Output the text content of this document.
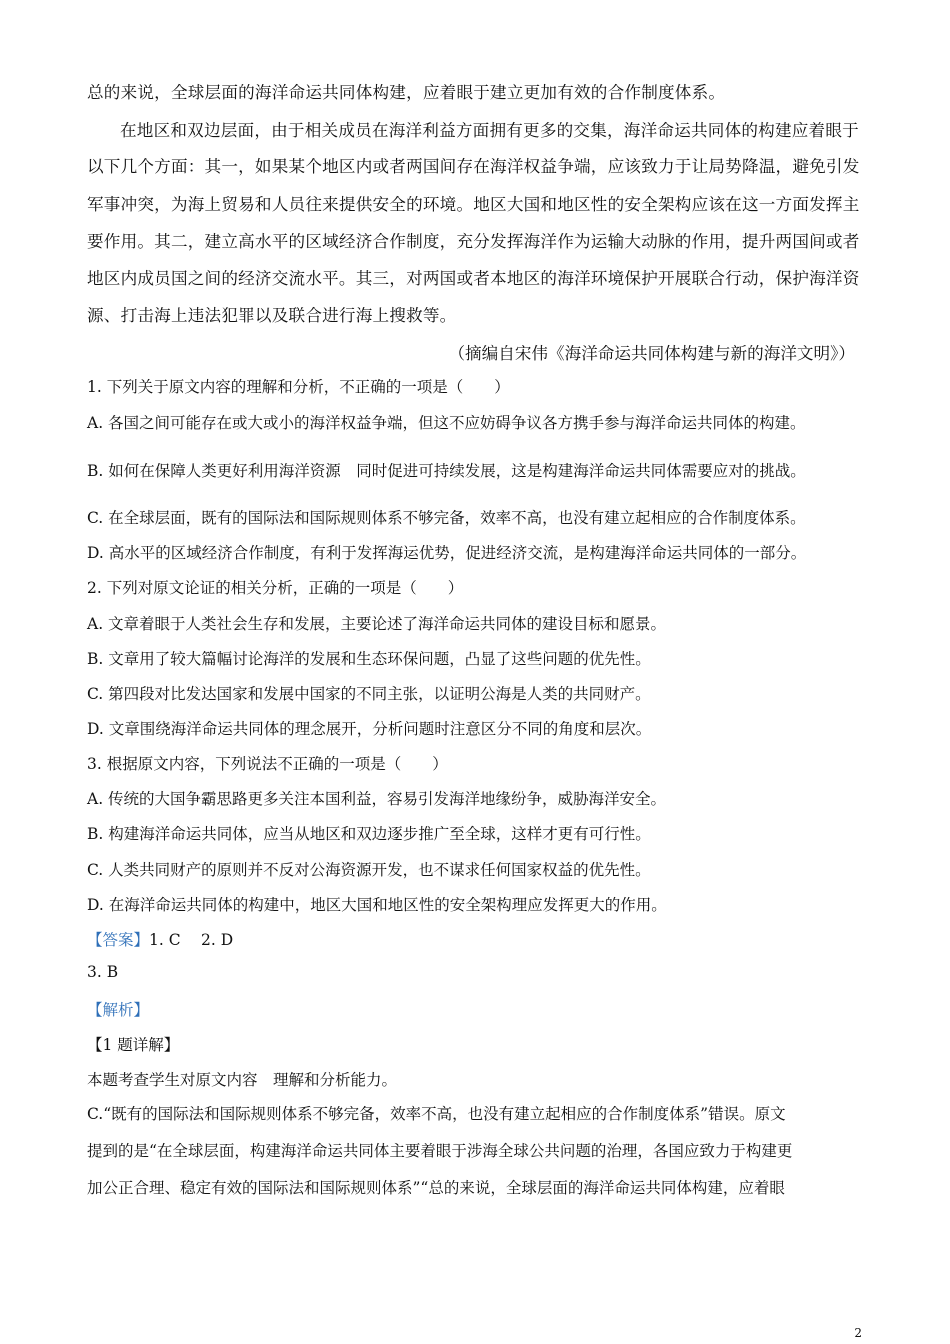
总的来说，全球层面的海洋命运共同体构建，应着眼于建立更加有效的合作制度体系。
在地区和双边层面，由于相关成员在海洋利益方面拥有更多的交集，海洋命运共同体的构建应着眼于
以下几个方面：其一，如果某个地区内或者两国间存在海洋权益争端，应该致力于让局势降温，避免引发
军事冲突，为海上贸易和人员往来提供安全的环境。地区大国和地区性的安全架构应该在这一方面发挥主
要作用。其二，建立高水平的区域经济合作制度，充分发挥海洋作为运输大动脉的作用，提升两国间或者
地区内成员国之间的经济交流水平。其三，对两国或者本地区的海洋环境保护开展联合行动，保护海洋资
源、打击海上违法犯罪以及联合进行海上搜救等。
（摘编自宋伟《海洋命运共同体构建与新的海洋文明》）
1. 下列关于原文内容的理解和分析，不正确的一项是（　　）
A. 各国之间可能存在或大或小的海洋权益争端，但这不应妨碍争议各方携手参与海洋命运共同体的构建。
B. 如何在保障人类更好利用海洋资源　同时促进可持续发展，这是构建海洋命运共同体需要应对的挑战。
C. 在全球层面，既有的国际法和国际规则体系不够完备，效率不高，也没有建立起相应的合作制度体系。
D. 高水平的区域经济合作制度，有利于发挥海运优势，促进经济交流，是构建海洋命运共同体的一部分。
2. 下列对原文论证的相关分析，正确的一项是（　　）
A. 文章着眼于人类社会生存和发展，主要论述了海洋命运共同体的建设目标和愿景。
B. 文章用了较大篇幅讨论海洋的发展和生态环保问题，凸显了这些问题的优先性。
C. 第四段对比发达国家和发展中国家的不同主张，以证明公海是人类的共同财产。
D. 文章围绕海洋命运共同体的理念展开，分析问题时注意区分不同的角度和层次。
3. 根据原文内容，下列说法不正确的一项是（　　）
A. 传统的大国争霸思路更多关注本国利益，容易引发海洋地缘纷争，威胁海洋安全。
B. 构建海洋命运共同体，应当从地区和双边逐步推广至全球，这样才更有可行性。
C. 人类共同财产的原则并不反对公海资源开发，也不谋求任何国家权益的优先性。
D. 在海洋命运共同体的构建中，地区大国和地区性的安全架构理应发挥更大的作用。
【答案】1. C　 2. D
3. B
【解析】
【1 题详解】
本题考查学生对原文内容　理解和分析能力。
C.“既有的国际法和国际规则体系不够完备，效率不高，也没有建立起相应的合作制度体系”错误。原文
提到的是“在全球层面，构建海洋命运共同体主要着眼于涉海全球公共问题的治理，各国应致力于构建更
加公正合理、稳定有效的国际法和国际规则体系”“总的来说，全球层面的海洋命运共同体构建，应着眼
2
